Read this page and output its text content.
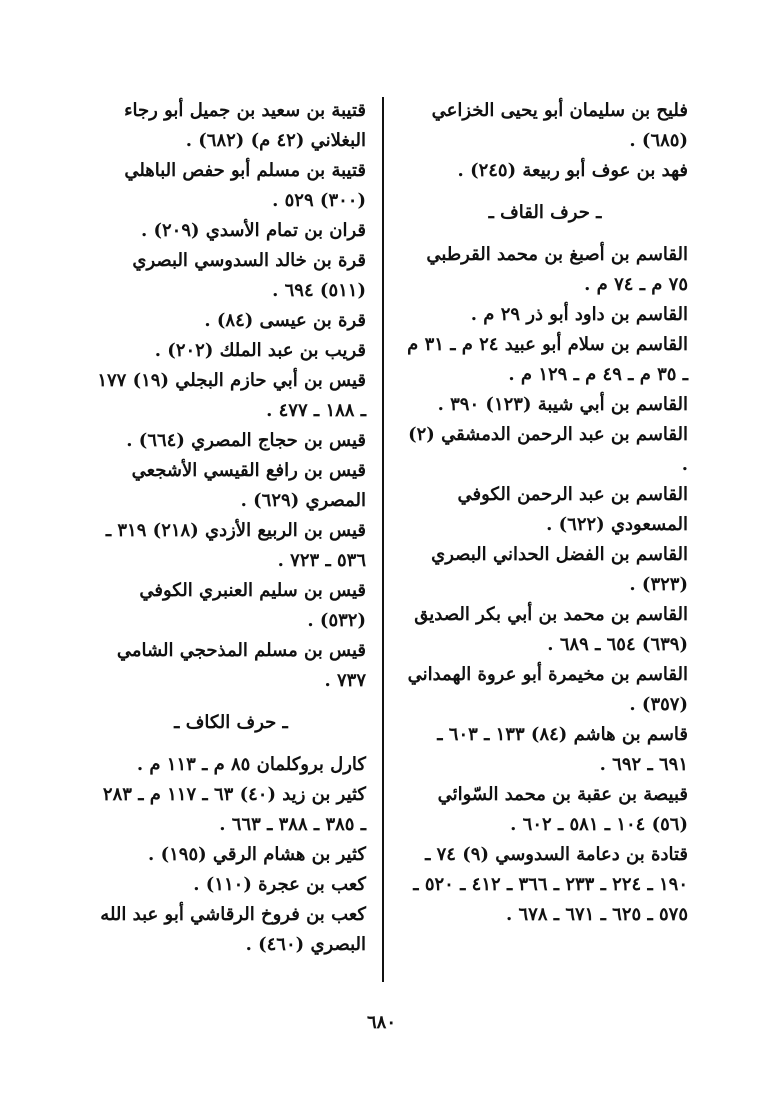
فليح بن سليمان أبو يحيى الخزاعي (٦٨٥) .

فهد بن عوف أبو ربيعة (٢٤٥) .

ـ حرف القاف ـ

القاسم بن أصبغ بن محمد القرطبي ٧٥ م ـ ٧٤ م .

القاسم بن داود أبو ذر ٢٩ م .

القاسم بن سلام أبو عبيد ٢٤ م ـ ٣١ م ـ ٣٥ م ـ ٤٩ م ـ ١٢٩ م .

القاسم بن أبي شيبة (١٢٣) ٣٩٠ .

القاسم بن عبد الرحمن الدمشقي (٢) .

القاسم بن عبد الرحمن الكوفي المسعودي (٦٢٢) .

القاسم بن الفضل الحداني البصري (٣٢٣) .

القاسم بن محمد بن أبي بكر الصديق (٦٣٩) ٦٥٤ ـ ٦٨٩ .

القاسم بن مخيمرة أبو عروة الهمداني (٣٥٧) .

قاسم بن هاشم (٨٤) ١٣٣ ـ ٦٠٣ ـ ٦٩١ ـ ٦٩٢ .

قبيصة بن عقبة بن محمد السّوائي (٥٦) ١٠٤ ـ ٥٨١ ـ ٦٠٢ .

قتادة بن دعامة السدوسي (٩) ٧٤ ـ ١٩٠ ـ ٢٢٤ ـ ٢٣٣ ـ ٣٦٦ ـ ٤١٢ ـ ٥٢٠ ـ ٥٧٥ ـ ٦٢٥ ـ ٦٧١ ـ ٦٧٨ .

قتيبة بن سعيد بن جميل أبو رجاء البغلاني (٤٢ م) (٦٨٢) .

قتيبة بن مسلم أبو حفص الباهلي (٣٠٠) ٥٢٩ .

قران بن تمام الأسدي (٢٠٩) .

قرة بن خالد السدوسي البصري (٥١١) ٦٩٤ .

قرة بن عيسى (٨٤) .

قريب بن عبد الملك (٢٠٢) .

قيس بن أبي حازم البجلي (١٩) ١٧٧ ـ ١٨٨ ـ ٤٧٧ .

قيس بن حجاج المصري (٦٦٤) .

قيس بن رافع القيسي الأشجعي المصري (٦٢٩) .

قيس بن الربيع الأزدي (٢١٨) ٣١٩ ـ ٥٣٦ ـ ٧٢٣ .

قيس بن سليم العنبري الكوفي (٥٣٢) .

قيس بن مسلم المذحجي الشامي ٧٣٧ .

ـ حرف الكاف ـ

كارل بروكلمان ٨٥ م ـ ١١٣ م .

كثير بن زيد (٤٠) ٦٣ ـ ١١٧ م ـ ٢٨٣ ـ ٣٨٥ ـ ٣٨٨ ـ ٦٦٣ .

كثير بن هشام الرقي (١٩٥) .

كعب بن عجرة (١١٠) .

كعب بن فروخ الرقاشي أبو عبد الله البصري (٤٦٠) .

٦٨٠
